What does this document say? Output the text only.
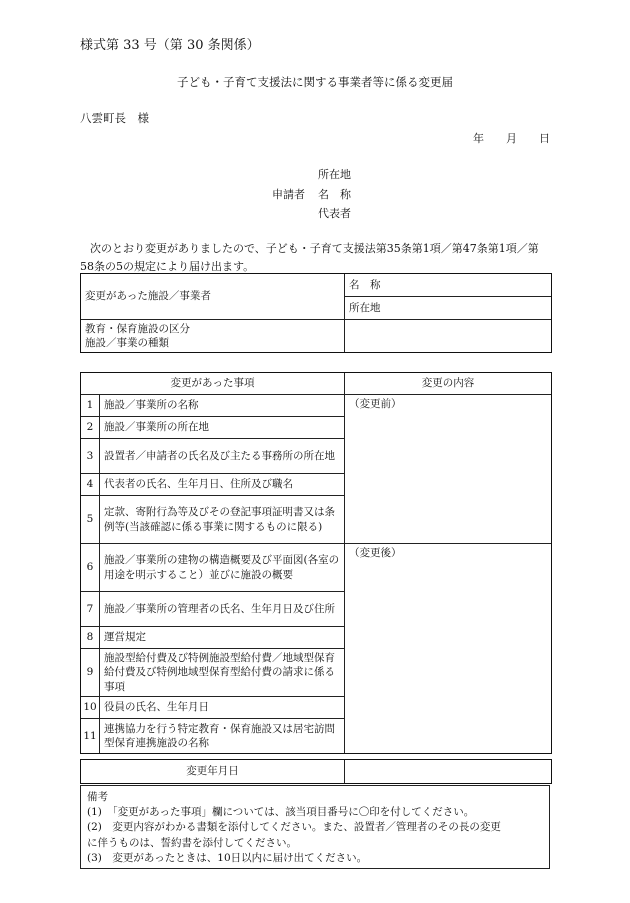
様式第 33 号（第 30 条関係）
子ども・子育て支援法に関する事業者等に係る変更届
八雲町長　様
年　　月　　日
所在地
申請者 名　称
代表者
次のとおり変更がありましたので、子ども・子育て支援法第35条第1項／第47条第1項／第
58条の5の規定により届け出ます。
変更があった施設／事業者	名　称
	所在地

教育・保育施設の区分
施設／事業の種類	

変更があった事項		変更の内容
1	施設／事業所の名称	（変更前）
2	施設／事業所の所在地	
3	設置者／申請者の氏名及び主たる事務所の所在地	
4	代表者の氏名、生年月日、住所及び職名	
5	定款、寄附行為等及びその登記事項証明書又は条例等(当該確認に係る事業に関するものに限る)	
6	施設／事業所の建物の構造概要及び平面図(各室の用途を明示すること）並びに施設の概要	（変更後）
7	施設／事業所の管理者の氏名、生年月日及び住所	
8	運営規定	
9	施設型給付費及び特例施設型給付費／地域型保育給付費及び特例地域型保育型給付費の請求に係る事項	
10	役員の氏名、生年月日	
11	連携協力を行う特定教育・保育施設又は居宅訪問型保育連携施設の名称	
変更年月日	
備考
(1)　「変更があった事項」欄については、該当項目番号に〇印を付してください。
(2)　変更内容がわかる書類を添付してください。また、設置者／管理者のその長の変更
に伴うものは、誓約書を添付してください。
(3)　変更があったときは、10日以内に届け出てください。
